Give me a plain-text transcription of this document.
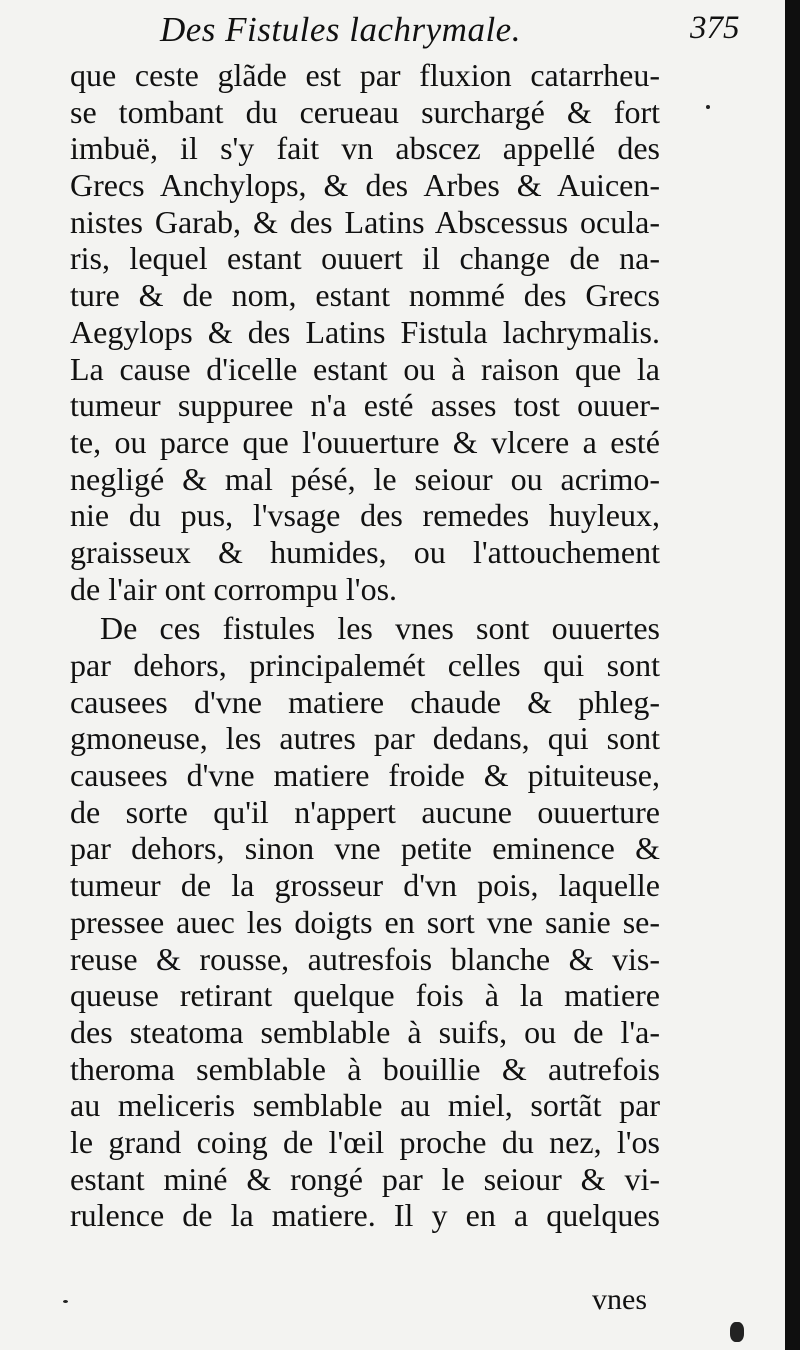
Des Fistules lachrymale.	375
que ceste glãde est par fluxion catarrheu-
se tombant du cerueau surchargé & fort
imbuë, il s'y fait vn abscez appellé des
Grecs Anchylops, & des Arbes & Auicen-
nistes Garab, & des Latins Abscessus ocula-
ris, lequel estant ouuert il change de na-
ture & de nom, estant nommé des Grecs
Aegylops & des Latins Fistula lachrymalis.
La cause d'icelle estant ou à raison que la
tumeur suppuree n'a esté asses tost ouuer-
te, ou parce que l'ouuerture & vlcere a esté
negligé & mal pésé, le seiour ou acrimo-
nie du pus, l'vsage des remedes huyleux,
graisseux & humides, ou l'attouchement
de l'air ont corrompu l'os.
De ces fistules les vnes sont ouuertes
par dehors, principalemét celles qui sont
causees d'vne matiere chaude & phleg-
gmoneuse, les autres par dedans, qui sont
causees d'vne matiere froide & pituiteuse,
de sorte qu'il n'appert aucune ouuerture
par dehors, sinon vne petite eminence &
tumeur de la grosseur d'vn pois, laquelle
pressee auec les doigts en sort vne sanie se-
reuse & rousse, autresfois blanche & vis-
queuse retirant quelque fois à la matiere
des steatoma semblable à suifs, ou de l'a-
theroma semblable à bouillie & autrefois
au meliceris semblable au miel, sortãt par
le grand coing de l'œil proche du nez, l'os
estant miné & rongé par le seiour & vi-
rulence de la matiere. Il y en a quelques
vnes
